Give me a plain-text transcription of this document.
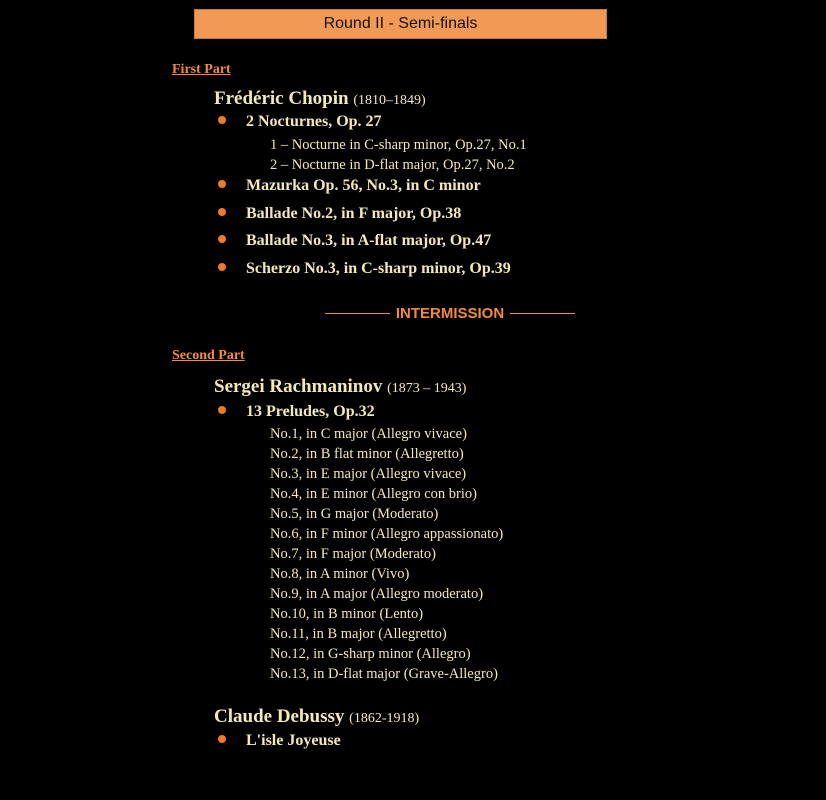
Round II - Semi-finals
First Part
Frédéric Chopin (1810–1849)
2 Nocturnes, Op. 27
1 – Nocturne in C-sharp minor, Op.27, No.1
2 – Nocturne in D-flat major, Op.27, No.2
Mazurka Op. 56, No.3, in C minor
Ballade No.2, in F major, Op.38
Ballade No.3, in A-flat major, Op.47
Scherzo No.3, in C-sharp minor, Op.39
INTERMISSION
Second Part
Sergei Rachmaninov (1873 – 1943)
13 Preludes, Op.32
No.1, in C major (Allegro vivace)
No.2, in B flat minor (Allegretto)
No.3, in E major (Allegro vivace)
No.4, in E minor (Allegro con brio)
No.5, in G major (Moderato)
No.6, in F minor (Allegro appassionato)
No.7, in F major (Moderato)
No.8, in A minor (Vivo)
No.9, in A major (Allegro moderato)
No.10, in B minor (Lento)
No.11, in B major (Allegretto)
No.12, in G-sharp minor (Allegro)
No.13, in D-flat major (Grave-Allegro)
Claude Debussy (1862-1918)
L'isle Joyeuse
